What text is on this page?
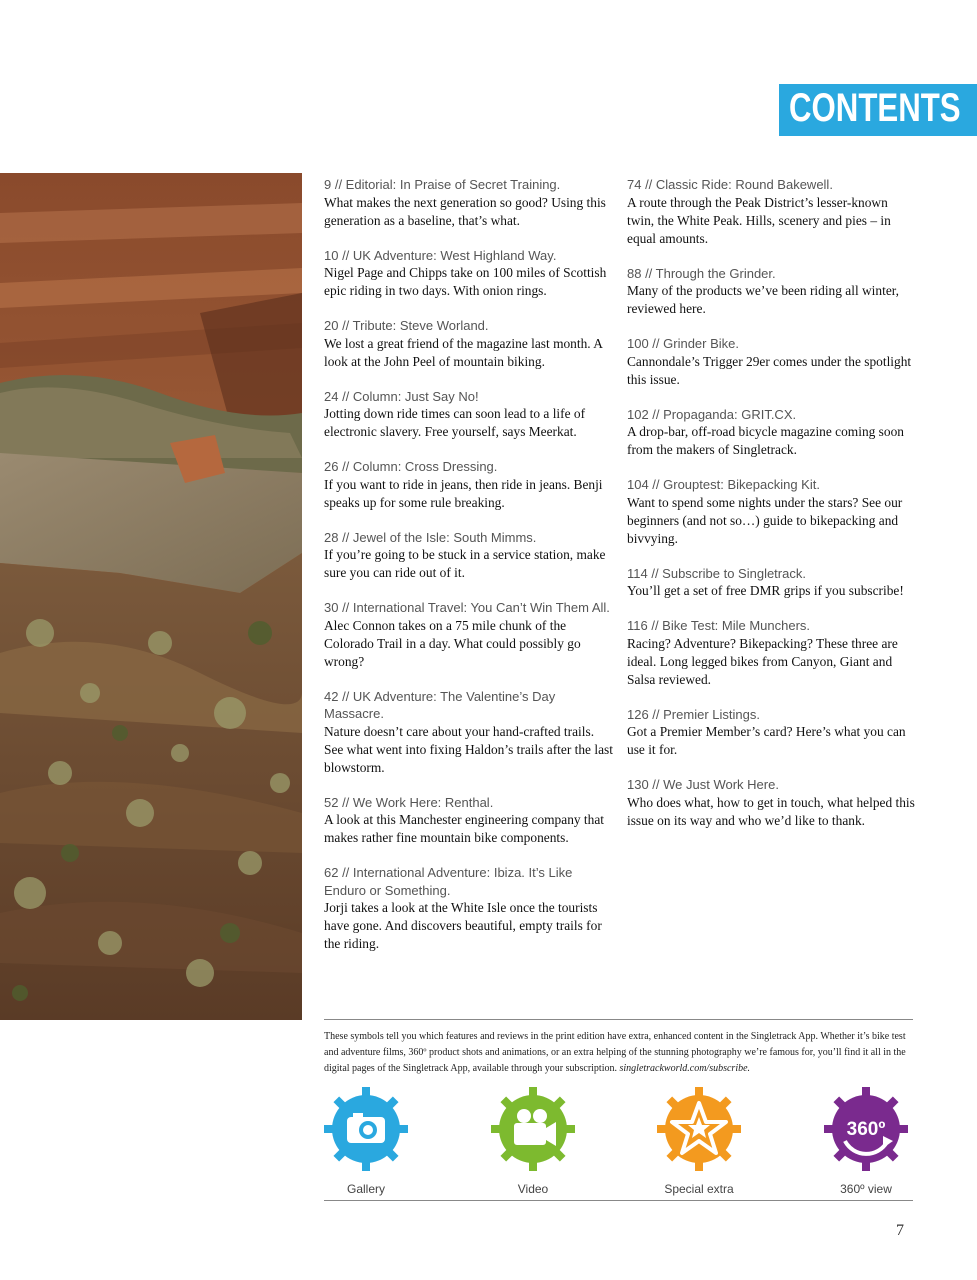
CONTENTS
9 // Editorial: In Praise of Secret Training.
What makes the next generation so good? Using this generation as a baseline, that’s what.
10 // UK Adventure: West Highland Way.
Nigel Page and Chipps take on 100 miles of Scottish epic riding in two days. With onion rings.
20 // Tribute: Steve Worland.
We lost a great friend of the magazine last month. A look at the John Peel of mountain biking.
24 // Column: Just Say No!
Jotting down ride times can soon lead to a life of electronic slavery. Free yourself, says Meerkat.
26 // Column: Cross Dressing.
If you want to ride in jeans, then ride in jeans. Benji speaks up for some rule breaking.
28 // Jewel of the Isle: South Mimms.
If you’re going to be stuck in a service station, make sure you can ride out of it.
30 // International Travel: You Can’t Win Them All.
Alec Connon takes on a 75 mile chunk of the Colorado Trail in a day. What could possibly go wrong?
42 // UK Adventure: The Valentine’s Day Massacre.
Nature doesn’t care about your hand-crafted trails. See what went into fixing Haldon’s trails after the last blowstorm.
52 // We Work Here: Renthal.
A look at this Manchester engineering company that makes rather fine mountain bike components.
62 // International Adventure: Ibiza. It’s Like Enduro or Something.
Jorji takes a look at the White Isle once the tourists have gone. And discovers beautiful, empty trails for the riding.
74 // Classic Ride: Round Bakewell.
A route through the Peak District’s lesser-known twin, the White Peak. Hills, scenery and pies – in equal amounts.
88 // Through the Grinder.
Many of the products we’ve been riding all winter, reviewed here.
100 // Grinder Bike.
Cannondale’s Trigger 29er comes under the spotlight this issue.
102 // Propaganda: GRIT.CX.
A drop-bar, off-road bicycle magazine coming soon from the makers of Singletrack.
104 // Grouptest: Bikepacking Kit.
Want to spend some nights under the stars? See our beginners (and not so…) guide to bikepacking and bivvying.
114 // Subscribe to Singletrack.
You’ll get a set of free DMR grips if you subscribe!
116 // Bike Test: Mile Munchers.
Racing? Adventure? Bikepacking? These three are ideal. Long legged bikes from Canyon, Giant and Salsa reviewed.
126 // Premier Listings.
Got a Premier Member’s card? Here’s what you can use it for.
130 // We Just Work Here.
Who does what, how to get in touch, what helped this issue on its way and who we’d like to thank.
These symbols tell you which features and reviews in the print edition have extra, enhanced content in the Singletrack App. Whether it’s bike test and adventure films, 360º product shots and animations, or an extra helping of the stunning photography we’re famous for, you’ll find it all in the digital pages of the Singletrack App, available through your subscription. singletrackworld.com/subscribe.
Gallery	Video	Special extra
360º
360º view
7
